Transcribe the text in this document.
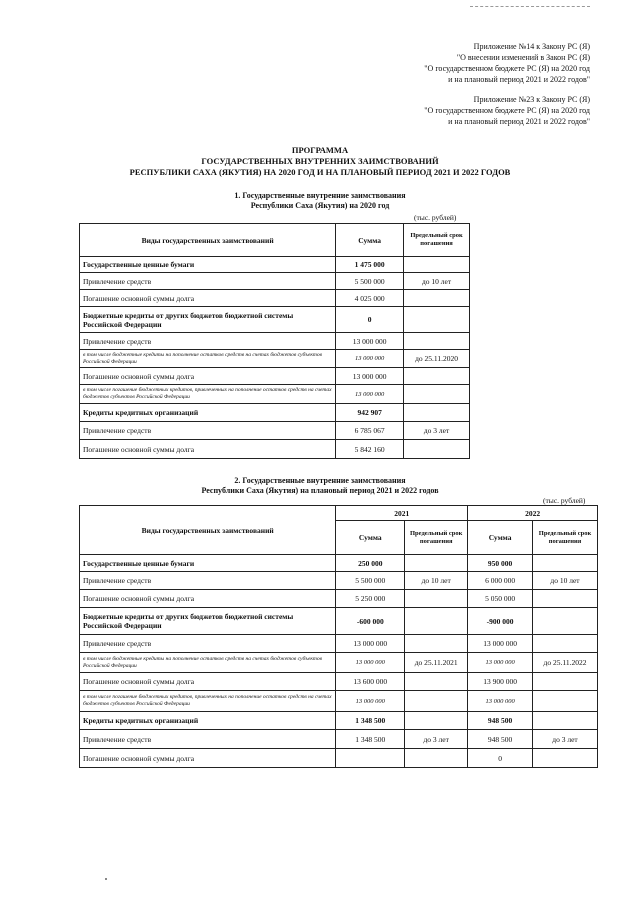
Приложение №14 к Закону РС (Я)
"О внесении изменений в Закон РС (Я)
"О государственном бюджете РС (Я) на 2020 год
и на плановый период 2021 и 2022 годов"
Приложение №23 к Закону РС (Я)
"О государственном бюджете РС (Я) на 2020 год
и на плановый период 2021 и 2022 годов"
ПРОГРАММА
ГОСУДАРСТВЕННЫХ ВНУТРЕННИХ ЗАИМСТВОВАНИЙ
РЕСПУБЛИКИ САХА (ЯКУТИЯ) НА 2020 ГОД И НА ПЛАНОВЫЙ ПЕРИОД 2021 И 2022 ГОДОВ
1. Государственные внутренние заимствования
Республики Саха (Якутия) на 2020 год
(тыс. рублей)
Виды государственных заимствований	Сумма	Предельный срок погашения
Государственные ценные бумаги	1 475 000	
Привлечение средств	5 500 000	до 10 лет
Погашение основной суммы долга	4 025 000	
Бюджетные кредиты от других бюджетов бюджетной системы Российской Федерации	0	
Привлечение средств	13 000 000	
в том числе бюджетные кредиты на пополнение остатков средств на счетах бюджетов субъектов Российской Федерации	13 000 000	до 25.11.2020
Погашение основной суммы долга	13 000 000	
в том числе погашение бюджетных кредитов, привлеченных на пополнение остатков средств на счетах бюджетов субъектов Российской Федерации	13 000 000	
Кредиты кредитных организаций	942 907	
Привлечение средств	6 785 067	до 3 лет
Погашение основной суммы долга	5 842 160	
2. Государственные внутренние заимствования
Республики Саха (Якутия) на плановый период 2021 и 2022 годов
(тыс. рублей)
Виды государственных заимствований	2021		2022	
	Сумма	Предельный срок погашения	Сумма	Предельный срок погашения
Государственные ценные бумаги	250 000		950 000	
Привлечение средств	5 500 000	до 10 лет	6 000 000	до 10 лет
Погашение основной суммы долга	5 250 000		5 050 000	
Бюджетные кредиты от других бюджетов бюджетной системы Российской Федерации	-600 000		-900 000	
Привлечение средств	13 000 000		13 000 000	
в том числе бюджетные кредиты на пополнение остатков средств на счетах бюджетов субъектов Российской Федерации	13 000 000	до 25.11.2021	13 000 000	до 25.11.2022
Погашение основной суммы долга	13 600 000		13 900 000	
в том числе погашение бюджетных кредитов, привлеченных на пополнение остатков средств на счетах бюджетов субъектов Российской Федерации	13 000 000		13 000 000	
Кредиты кредитных организаций	1 348 500		948 500	
Привлечение средств	1 348 500	до 3 лет	948 500	до 3 лет
Погашение основной суммы долга			0	
